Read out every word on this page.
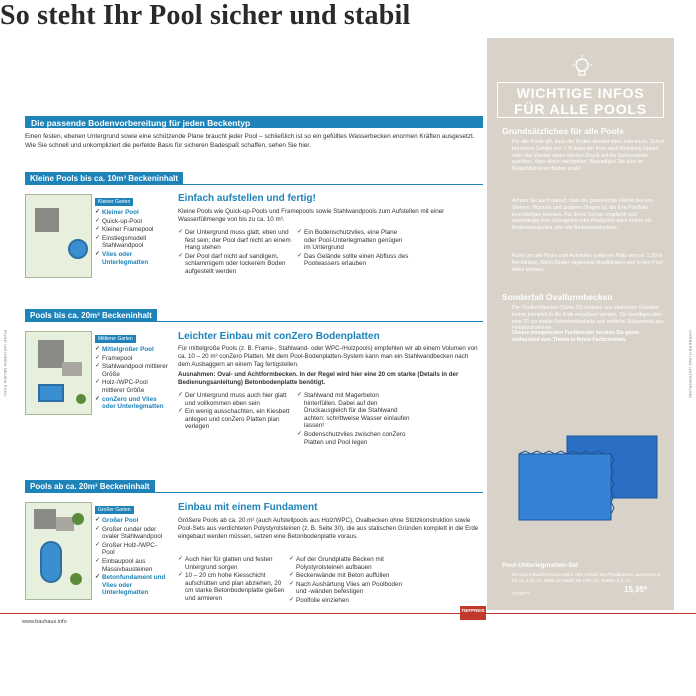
RUND UM IHREN NEUEN POOL	VORBEREITUNG UNTERGRUND
So steht Ihr Pool sicher und stabil
Die passende Bodenvorbereitung für jeden Beckentyp
Einen festen, ebenen Untergrund sowie eine schützende Plane braucht jeder Pool – schließlich ist so ein gefülltes Wasserbecken enormen Kräften ausgesetzt. Wie Sie schnell und unkompliziert die perfekte Basis für sicheren Badespaß schaffen, sehen Sie hier.
Kleine Pools bis ca. 10m³ Beckeninhalt
Kleiner Garten
✓ Kleiner Pool
✓ Quick-up-Pool
✓ Kleiner Framepool
✓ Einstiegsmodell Stahlwandpool
✓ Vlies oder Unterlegmatten
Einfach aufstellen und fertig!
Kleine Pools wie Quick-up-Pools und Framepools sowie Stahlwandpools zum Aufstellen mit einer Wasserfüllmenge von bis zu ca. 10 m³.
✓ Der Untergrund muss glatt, eben und fest sein; der Pool darf nicht an einem Hang stehen
✓ Der Pool darf nicht auf sandigem, schlammigem oder lockerem Boden aufgestellt werden
✓ Ein Bodenschutzvlies, eine Plane oder Pool-Unterlegmatten genügen im Untergrund
✓ Das Gelände sollte einen Abfluss des Poolwassers erlauben
Pools bis ca. 20m³ Beckeninhalt
Mittlerer Garten
✓ Mittelgroßer Pool
✓ Framepool
✓ Stahlwandpool mittlerer Größe
✓ Holz-/WPC-Pool mittlerer Größe
✓ conZero und Vlies oder Unterlegmatten
Leichter Einbau mit conZero Bodenplatten
Für mittelgroße Pools (z. B. Frame-, Stahlwand- oder WPC-/Holzpools) empfehlen wir ab einem Volumen von ca. 10 – 20 m³ conZero Platten. Mit dem Pool-Bodenplatten-System kann man ein Stahlwandbecken nach dem Ausbaggern an einem Tag fertigstellen.
Ausnahmen: Oval- und Achtformbecken. In der Regel wird hier eine 20 cm starke (Details in der Bedienungsanleitung) Betonbodenplatte benötigt.
✓ Der Untergrund muss auch hier glatt und vollkommen eben sein
✓ Ein wenig ausschachten, ein Kiesbett anlegen und conZero Platten plan verlegen
✓ Stahlwand mit Magerbeton hinterfüllen. Dabei auf den Druckausgleich für die Stahlwand achten: schrittweise Wasser einlaufen lassen!
✓ Bodenschutzvlies zwischen conZero Platten und Pool legen
Pools ab ca. 20m³ Beckeninhalt
Großer Garten
✓ Großer Pool
✓ Großer runder oder ovaler Stahlwandpool
✓ Großer Holz-/WPC-Pool
✓ Einbaupool aus Massivbausteinen
✓ Betonfundament und Vlies oder Unterlegmatten
Einbau mit einem Fundament
Größere Pools ab ca. 20 m² (auch Aufstellpools aus Holz/WPC), Ovalbecken ohne Stützkonstruktion sowie Pool-Sets aus verdichteten Polystyrolsteinen (z. B. Seite 30), die aus statischen Gründen komplett in die Erde eingebaut werden müssen, setzen eine Betonbodenplatte voraus.
✓ Auch hier für glatten und festen Untergrund sorgen
✓ 10 – 20 cm hohe Kiesschicht aufschütten und plan abziehen, 20 cm starke Betonbodenplatte gießen und armieren
✓ Auf der Grundplatte Becken mit Polystyrolsteinen aufbauen
✓ Beckenwände mit Beton auffüllen
✓ Nach Aushärtung Vlies am Poolboden und -wänden befestigen
✓ Poolfolie einziehen
WICHTIGE INFOS
FÜR ALLE POOLS
Grundsätzliches für alle Pools
Für alle Pools gilt, dass der Boden absolut eben sein muss. Schon bei einem Gefälle von 1 % kann der Pool nach Befüllung kippen oder das Wasser einen solchen Druck auf die Seitenwände ausüben, dass diese nachgeben. Begradigen Sie also im Bedarfsfall Ihren Boden exakt.
Achten Sie auch darauf, dass die gewünschte Fläche frei von Steinen, Wurzeln und anderen Dingen ist, die Ihre Poolfolie beschädigen könnten. Für deren Schutz empfiehlt sich unabhängig vom Untergrund oder Poolgröße auch immer ein Bodenschutzvlies oder ein Bodenschutzplane.
Rund um alle Pools zum Aufstellen sollte ein Platz von ca. 1,20 m frei bleiben, damit Kinder nirgendwo draufklettern und in den Pool fallen können.
Sonderfall Ovalformbecken
Die Ovalformbecken (Seite 32) müssen aus statischen Gründen immer komplett in die Erde eingebaut werden. Sie benötigen also eine 20 cm starke Betonbodenplatte und seitliche Stützwände aus Hohlblocksteinen.
Unsere kompetenten Fachberater beraten Sie gerne umfassend zum Thema in Ihrem Fachcentrum.
Pool-Unterlegmatten-Set
Set aus 9 Bodenschutzmatten zum Schutz des Poolbodens, ausreichend für ca. 2,25 m². Maße je Matte: 50 x 50 cm, Stärke: 0,4 cm.
2758977	15,95*
TIEFPREIS
www.bauhaus.info
